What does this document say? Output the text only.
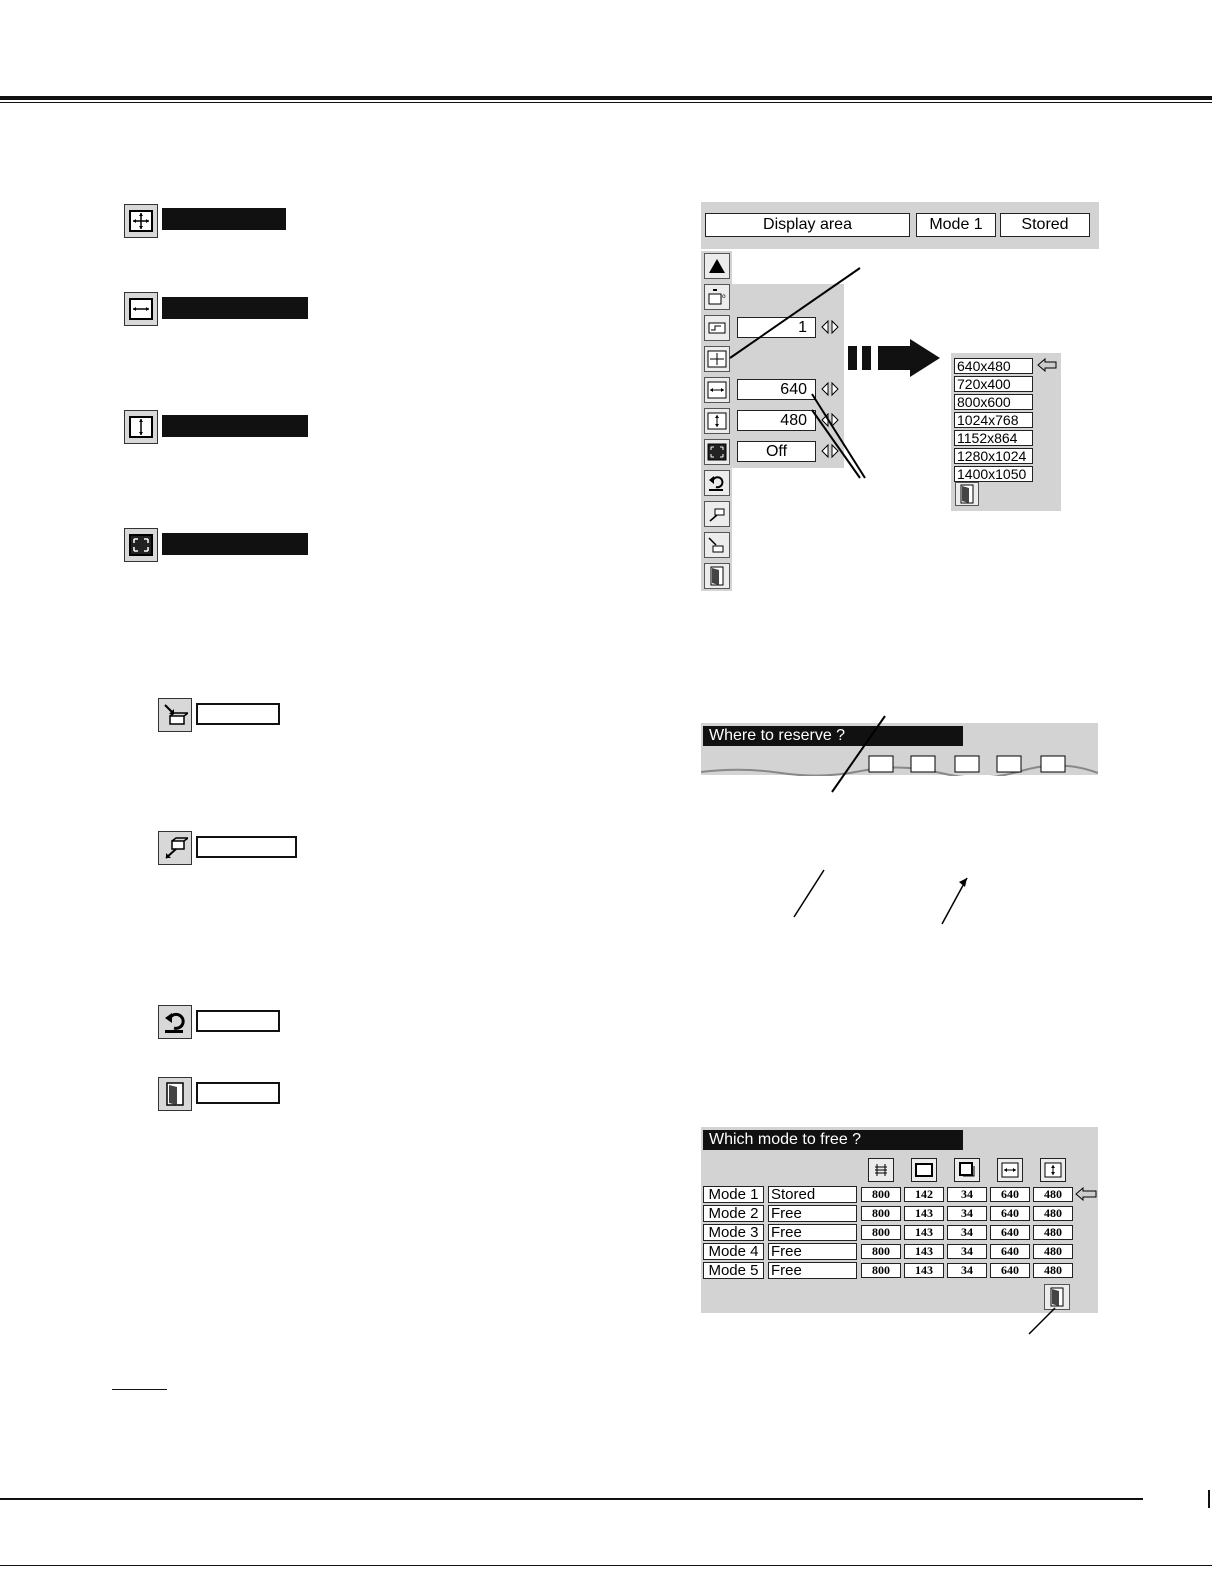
Display area	Mode 1	Stored
o
1
640
480
Off
640x480
720x400
800x600
1024x768
1152x864
1280x1024
1400x1050
Where to reserve ?
Which mode to free ?
Mode 1 Stored	800	142	34	640	480
Mode 2 Free	800	143	34	640	480
Mode 3 Free	800	143	34	640	480
Mode 4 Free	800	143	34	640	480
Mode 5 Free	800	143	34	640	480
